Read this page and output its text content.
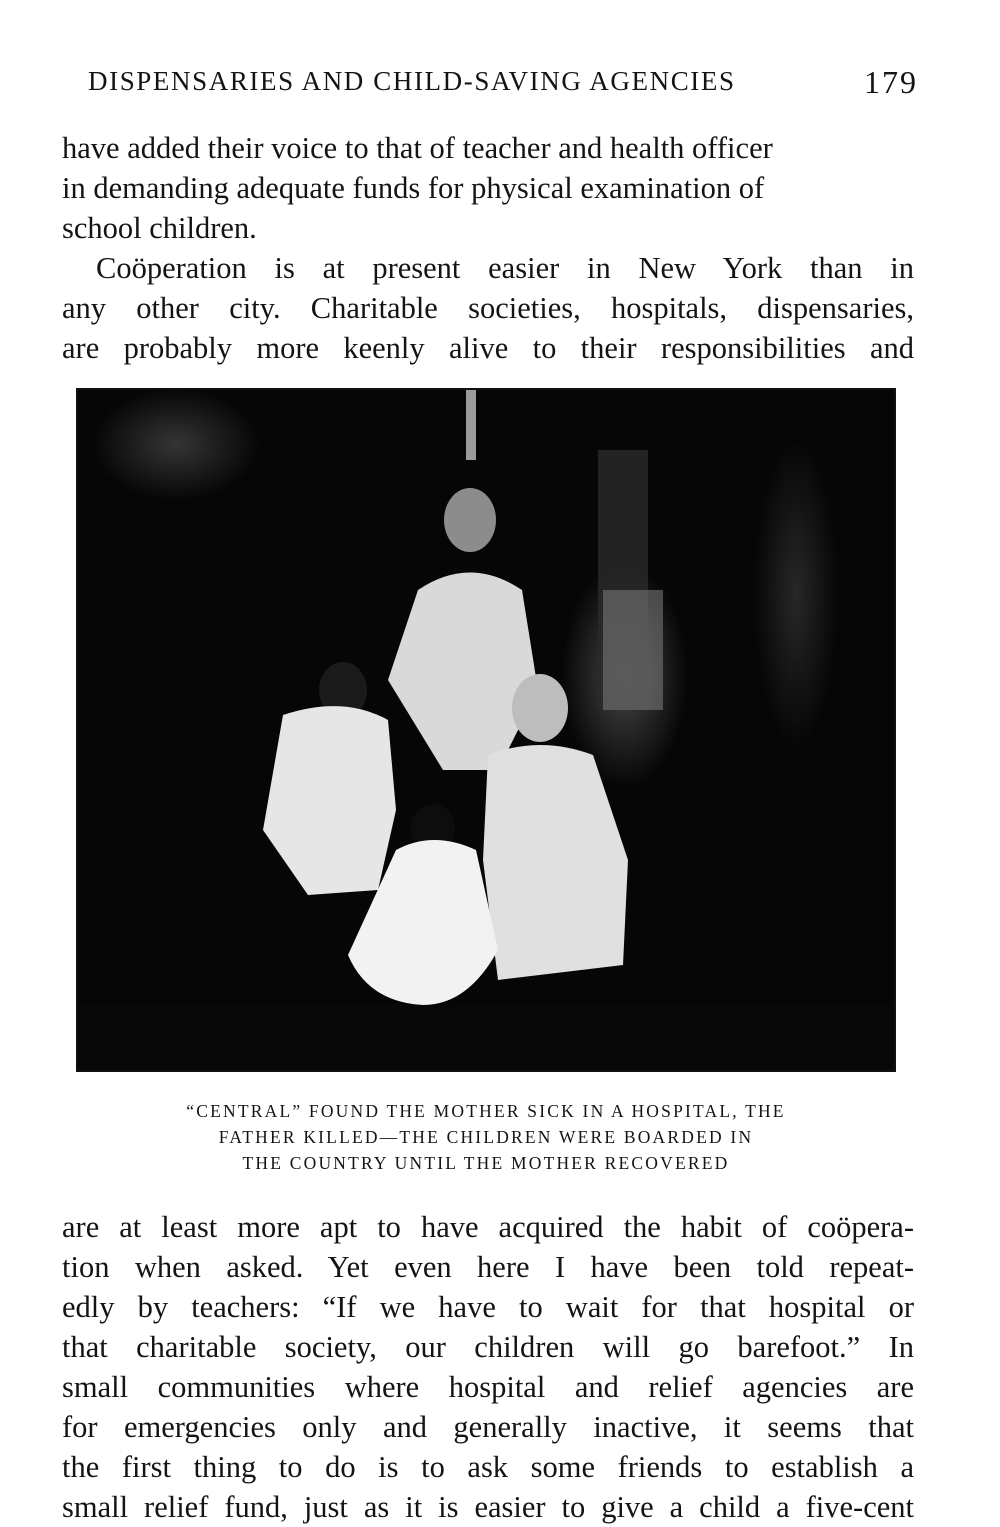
DISPENSARIES AND CHILD-SAVING AGENCIES	179
have added their voice to that of teacher and health officer
in demanding adequate funds for physical examination of
school children.
Coöperation is at present easier in New York than in
any other city. Charitable societies, hospitals, dispensaries,
are probably more keenly alive to their responsibilities and
“CENTRAL” FOUND THE MOTHER SICK IN A HOSPITAL, THE
FATHER KILLED—THE CHILDREN WERE BOARDED IN
THE COUNTRY UNTIL THE MOTHER RECOVERED
are at least more apt to have acquired the habit of coöpera-
tion when asked. Yet even here I have been told repeat-
edly by teachers: “If we have to wait for that hospital or
that charitable society, our children will go barefoot.” In
small communities where hospital and relief agencies are
for emergencies only and generally inactive, it seems that
the first thing to do is to ask some friends to establish a
small relief fund, just as it is easier to give a child a five-cent
